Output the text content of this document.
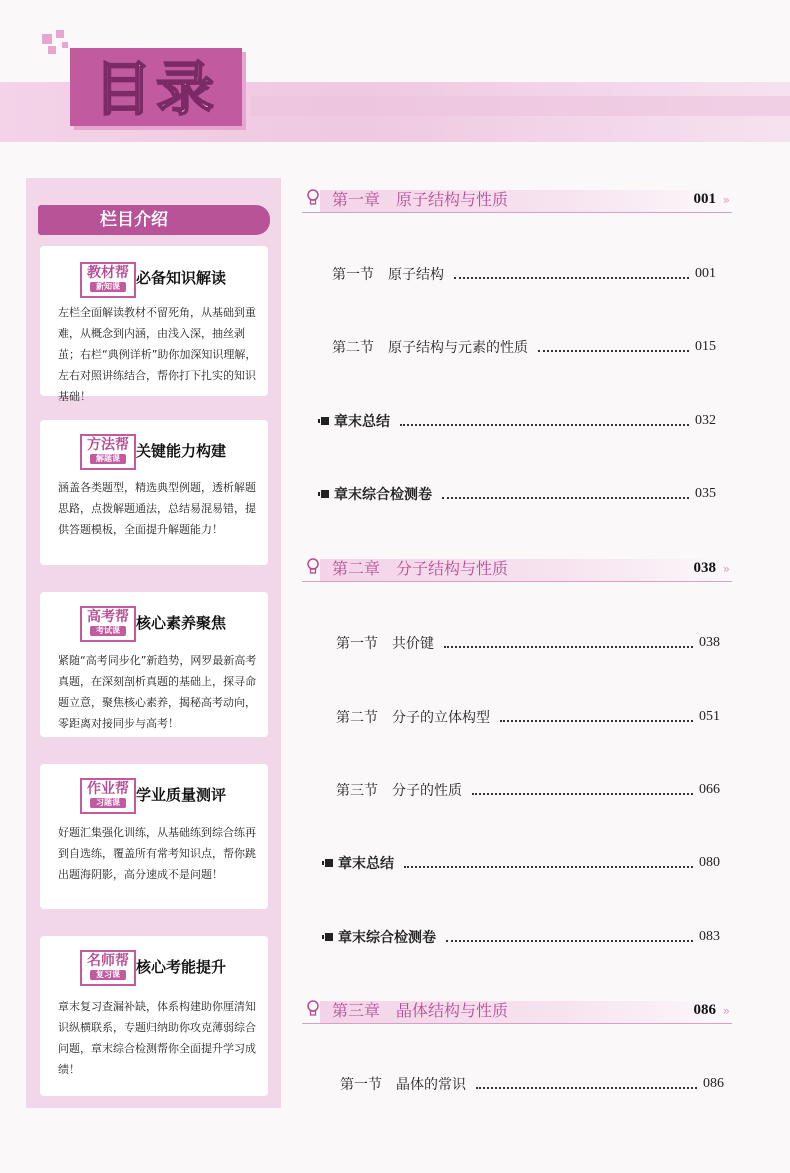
目录
栏目介绍
教材帮
新知课	必备知识解读
左栏全面解读教材不留死角，从基础到重难，从概念到内涵，由浅入深，抽丝剥茧；右栏“典例详析”助你加深知识理解，左右对照讲练结合，帮你打下扎实的知识基础！
方法帮
解题课	关键能力构建
涵盖各类题型，精选典型例题，透析解题思路，点拨解题通法，总结易混易错，提供答题模板，全面提升解题能力！
高考帮
考试课	核心素养聚焦
紧随“高考同步化”新趋势，网罗最新高考真题，在深刻剖析真题的基础上，探寻命题立意，聚焦核心素养，揭秘高考动向，零距离对接同步与高考！
作业帮
习题课	学业质量测评
好题汇集强化训练，从基础练到综合练再到自选练，覆盖所有常考知识点，帮你跳出题海阴影，高分速成不是问题！
名师帮
复习课	核心考能提升
章末复习查漏补缺，体系构建助你厘清知识纵横联系，专题归纳助你攻克薄弱综合问题，章末综合检测帮你全面提升学习成绩！
第一章　原子结构与性质	001 »
第一节　原子结构	001
第二节　原子结构与元素的性质	015
章末总结	032
章末综合检测卷	035
第二章　分子结构与性质	038 »
第一节　共价键	038
第二节　分子的立体构型	051
第三节　分子的性质	066
章末总结	080
章末综合检测卷	083
第三章　晶体结构与性质	086 »
第一节　晶体的常识	086
